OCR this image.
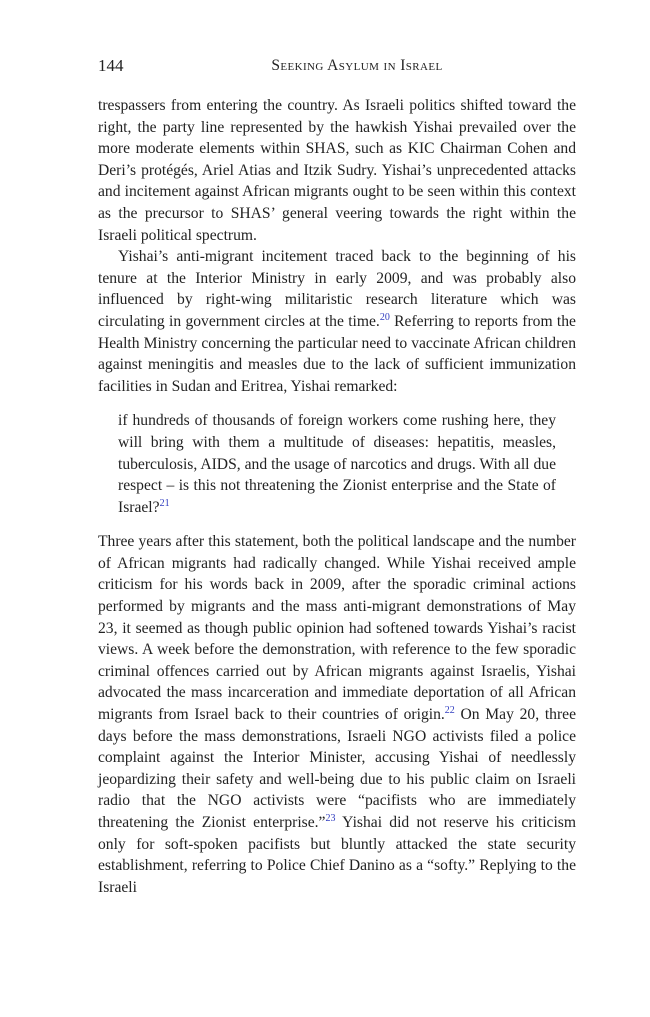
144	Seeking Asylum in Israel

trespassers from entering the country. As Israeli politics shifted toward the right, the party line represented by the hawkish Yishai prevailed over the more moderate elements within SHAS, such as KIC Chairman Cohen and Deri’s protégés, Ariel Atias and Itzik Sudry. Yishai’s unprecedented attacks and incitement against African migrants ought to be seen within this context as the precursor to SHAS’ general veering towards the right within the Israeli political spectrum.

Yishai’s anti-migrant incitement traced back to the beginning of his tenure at the Interior Ministry in early 2009, and was probably also influenced by right-wing militaristic research literature which was circulating in government circles at the time.$^{20}$ Referring to reports from the Health Ministry concerning the particular need to vaccinate African children against meningitis and measles due to the lack of sufficient immunization facilities in Sudan and Eritrea, Yishai remarked:

if hundreds of thousands of foreign workers come rushing here, they will bring with them a multitude of diseases: hepatitis, measles, tuberculosis, AIDS, and the usage of narcotics and drugs. With all due respect – is this not threatening the Zionist enterprise and the State of Israel?$^{21}$

Three years after this statement, both the political landscape and the number of African migrants had radically changed. While Yishai received ample criticism for his words back in 2009, after the sporadic criminal actions performed by migrants and the mass anti-migrant demonstrations of May 23, it seemed as though public opinion had softened towards Yishai’s racist views. A week before the demonstration, with reference to the few sporadic criminal offences carried out by African migrants against Israelis, Yishai advocated the mass incarceration and immediate deportation of all African migrants from Israel back to their countries of origin.$^{22}$ On May 20, three days before the mass demonstrations, Israeli NGO activists filed a police complaint against the Interior Minister, accusing Yishai of needlessly jeopardizing their safety and well-being due to his public claim on Israeli radio that the NGO activists were “pacifists who are immediately threatening the Zionist enterprise.”$^{23}$ Yishai did not reserve his criticism only for soft-spoken pacifists but bluntly attacked the state security establishment, referring to Police Chief Danino as a “softy.” Replying to the Israeli
